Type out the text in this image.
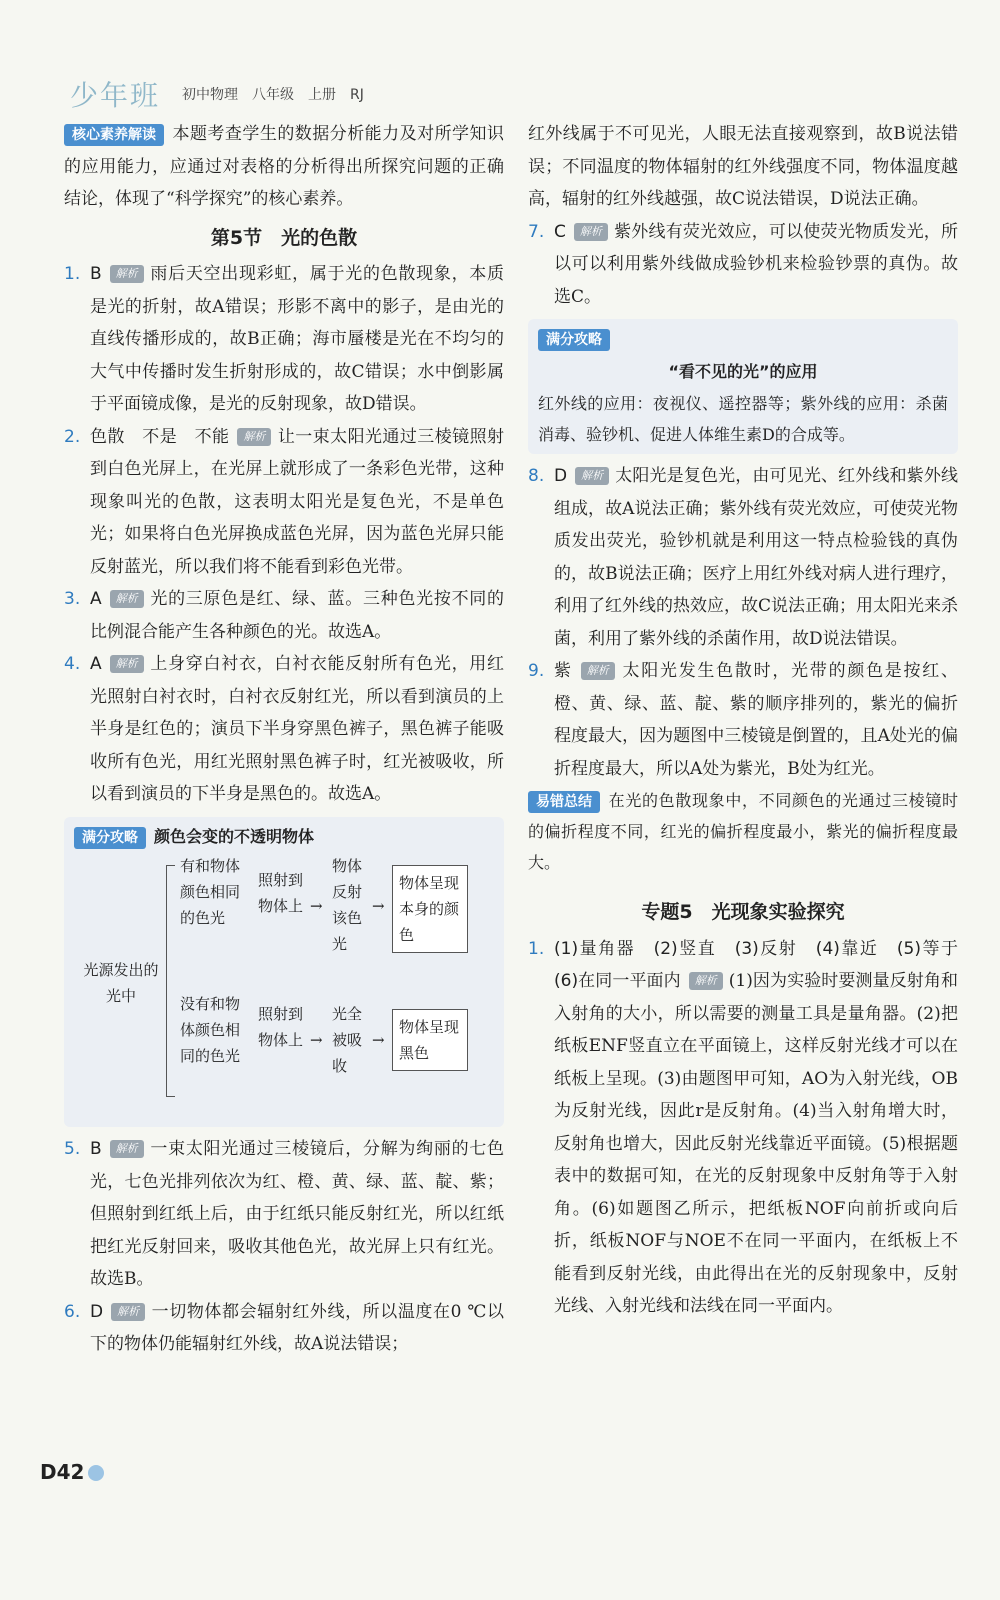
少年班 初中物理　八年级　上册　RJ

核心素养解读 本题考查学生的数据分析能力及对所学知识的应用能力，应通过对表格的分析得出所探究问题的正确结论，体现了“科学探究”的核心素养。

第5节　光的色散
1. B 解析 雨后天空出现彩虹，属于光的色散现象，本质是光的折射，故A错误；形影不离中的影子，是由光的直线传播形成的，故B正确；海市蜃楼是光在不均匀的大气中传播时发生折射形成的，故C错误；水中倒影属于平面镜成像，是光的反射现象，故D错误。

2. 色散　不是　不能 解析 让一束太阳光通过三棱镜照射到白色光屏上，在光屏上就形成了一条彩色光带，这种现象叫光的色散，这表明太阳光是复色光，不是单色光；如果将白色光屏换成蓝色光屏，因为蓝色光屏只能反射蓝光，所以我们将不能看到彩色光带。

3. A 解析 光的三原色是红、绿、蓝。三种色光按不同的比例混合能产生各种颜色的光。故选A。

4. A 解析 上身穿白衬衣，白衬衣能反射所有色光，用红光照射白衬衣时，白衬衣反射红光，所以看到演员的上半身是红色的；演员下半身穿黑色裤子，黑色裤子能吸收所有色光，用红光照射黑色裤子时，红光被吸收，所以看到演员的下半身是黑色的。故选A。

满分攻略 颜色会变的不透明物体
光源发出的光中
有和物体颜色相同的色光
照射到物体上 →
物体反射该色光
→
物体呈现本身的颜色
没有和物体颜色相同的色光
照射到物体上 →
光全被吸收
→
物体呈现黑色
5. B 解析 一束太阳光通过三棱镜后，分解为绚丽的七色光，七色光排列依次为红、橙、黄、绿、蓝、靛、紫；但照射到红纸上后，由于红纸只能反射红光，所以红纸把红光反射回来，吸收其他色光，故光屏上只有红光。故选B。

6. D 解析 一切物体都会辐射红外线，所以温度在0 ℃以下的物体仍能辐射红外线，故A说法错误；

红外线属于不可见光，人眼无法直接观察到，故B说法错误；不同温度的物体辐射的红外线强度不同，物体温度越高，辐射的红外线越强，故C说法错误，D说法正确。

7. C 解析 紫外线有荧光效应，可以使荧光物质发光，所以可以利用紫外线做成验钞机来检验钞票的真伪。故选C。

满分攻略
“看不见的光”的应用

红外线的应用：夜视仪、遥控器等；紫外线的应用：杀菌消毒、验钞机、促进人体维生素D的合成等。

8. D 解析 太阳光是复色光，由可见光、红外线和紫外线组成，故A说法正确；紫外线有荧光效应，可使荧光物质发出荧光，验钞机就是利用这一特点检验钱的真伪的，故B说法正确；医疗上用红外线对病人进行理疗，利用了红外线的热效应，故C说法正确；用太阳光来杀菌，利用了紫外线的杀菌作用，故D说法错误。

9. 紫 解析 太阳光发生色散时，光带的颜色是按红、橙、黄、绿、蓝、靛、紫的顺序排列的，紫光的偏折程度最大，因为题图中三棱镜是倒置的，且A处光的偏折程度最大，所以A处为紫光，B处为红光。

易错总结 在光的色散现象中，不同颜色的光通过三棱镜时的偏折程度不同，红光的偏折程度最小，紫光的偏折程度最大。

专题5　光现象实验探究
1. (1)量角器　(2)竖直　(3)反射　(4)靠近　(5)等于　(6)在同一平面内 解析 (1)因为实验时要测量反射角和入射角的大小，所以需要的测量工具是量角器。(2)把纸板ENF竖直立在平面镜上，这样反射光线才可以在纸板上呈现。(3)由题图甲可知，AO为入射光线，OB为反射光线，因此r是反射角。(4)当入射角增大时，反射角也增大，因此反射光线靠近平面镜。(5)根据题表中的数据可知，在光的反射现象中反射角等于入射角。(6)如题图乙所示，把纸板NOF向前折或向后折，纸板NOF与NOE不在同一平面内，在纸板上不能看到反射光线，由此得出在光的反射现象中，反射光线、入射光线和法线在同一平面内。

D42
